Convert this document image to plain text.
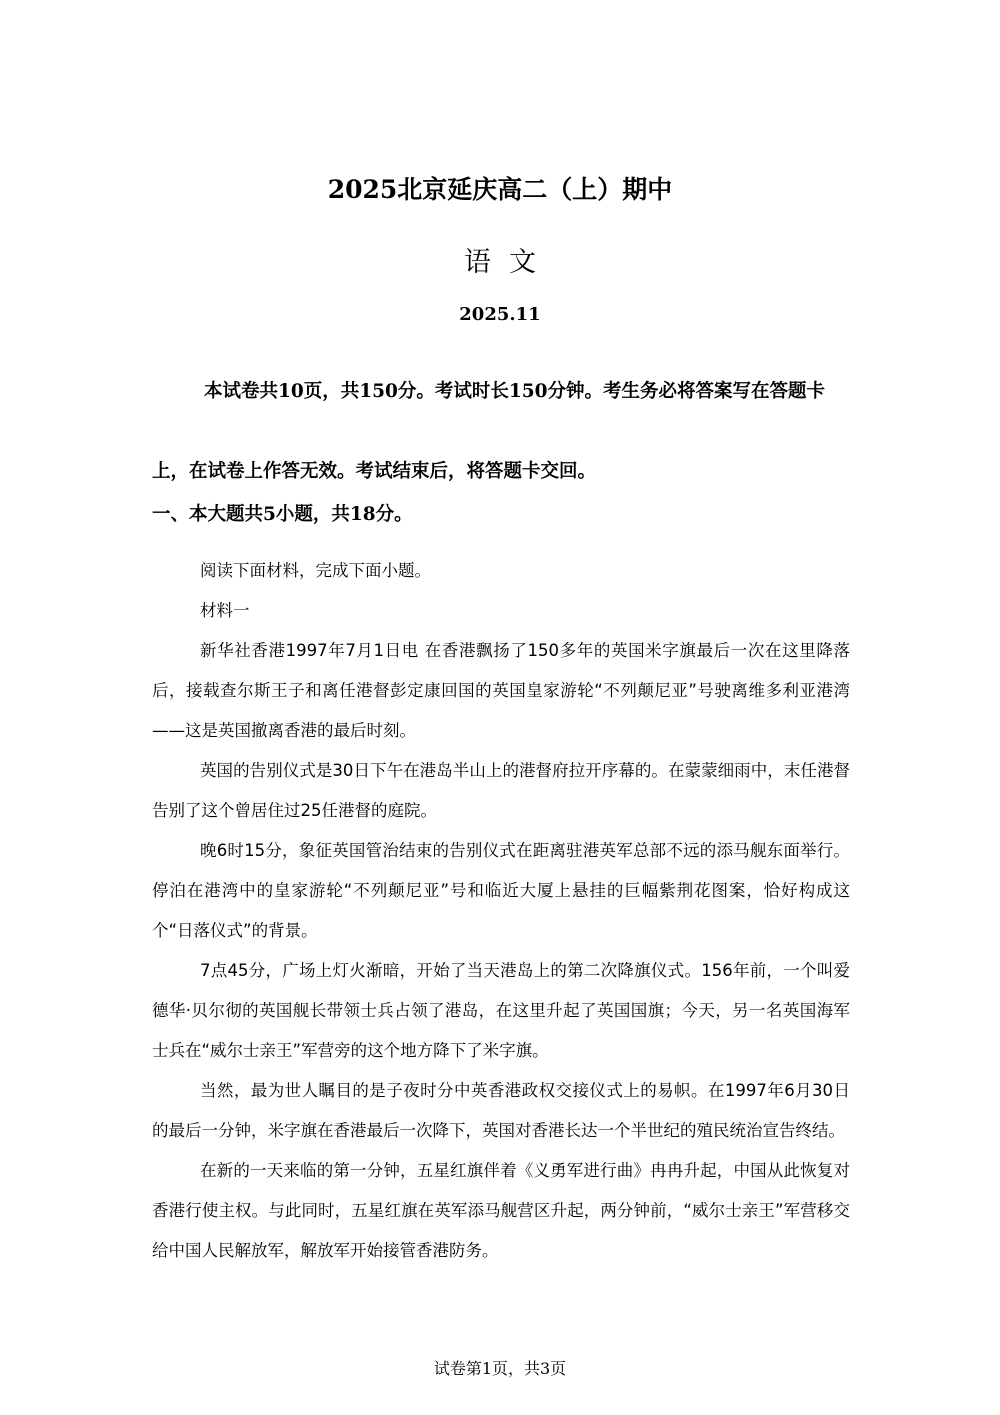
2025北京延庆高二（上）期中
语文
2025.11
本试卷共10页，共150分。考试时长150分钟。考生务必将答案写在答题卡上，在试卷上作答无效。考试结束后，将答题卡交回。
一、本大题共5小题，共18分。

阅读下面材料，完成下面小题。

材料一

新华社香港1997年7月1日电 在香港飘扬了150多年的英国米字旗最后一次在这里降落后，接载查尔斯王子和离任港督彭定康回国的英国皇家游轮“不列颠尼亚”号驶离维多利亚港湾——这是英国撤离香港的最后时刻。

英国的告别仪式是30日下午在港岛半山上的港督府拉开序幕的。在蒙蒙细雨中，末任港督告别了这个曾居住过25任港督的庭院。

晚6时15分，象征英国管治结束的告别仪式在距离驻港英军总部不远的添马舰东面举行。停泊在港湾中的皇家游轮“不列颠尼亚”号和临近大厦上悬挂的巨幅紫荆花图案，恰好构成这个“日落仪式”的背景。

7点45分，广场上灯火渐暗，开始了当天港岛上的第二次降旗仪式。156年前，一个叫爱德华·贝尔彻的英国舰长带领士兵占领了港岛，在这里升起了英国国旗；今天，另一名英国海军士兵在“威尔士亲王”军营旁的这个地方降下了米字旗。

当然，最为世人瞩目的是子夜时分中英香港政权交接仪式上的易帜。在1997年6月30日的最后一分钟，米字旗在香港最后一次降下，英国对香港长达一个半世纪的殖民统治宣告终结。

在新的一天来临的第一分钟，五星红旗伴着《义勇军进行曲》冉冉升起，中国从此恢复对香港行使主权。与此同时，五星红旗在英军添马舰营区升起，两分钟前，“威尔士亲王”军营移交给中国人民解放军，解放军开始接管香港防务。

试卷第1页，共3页
